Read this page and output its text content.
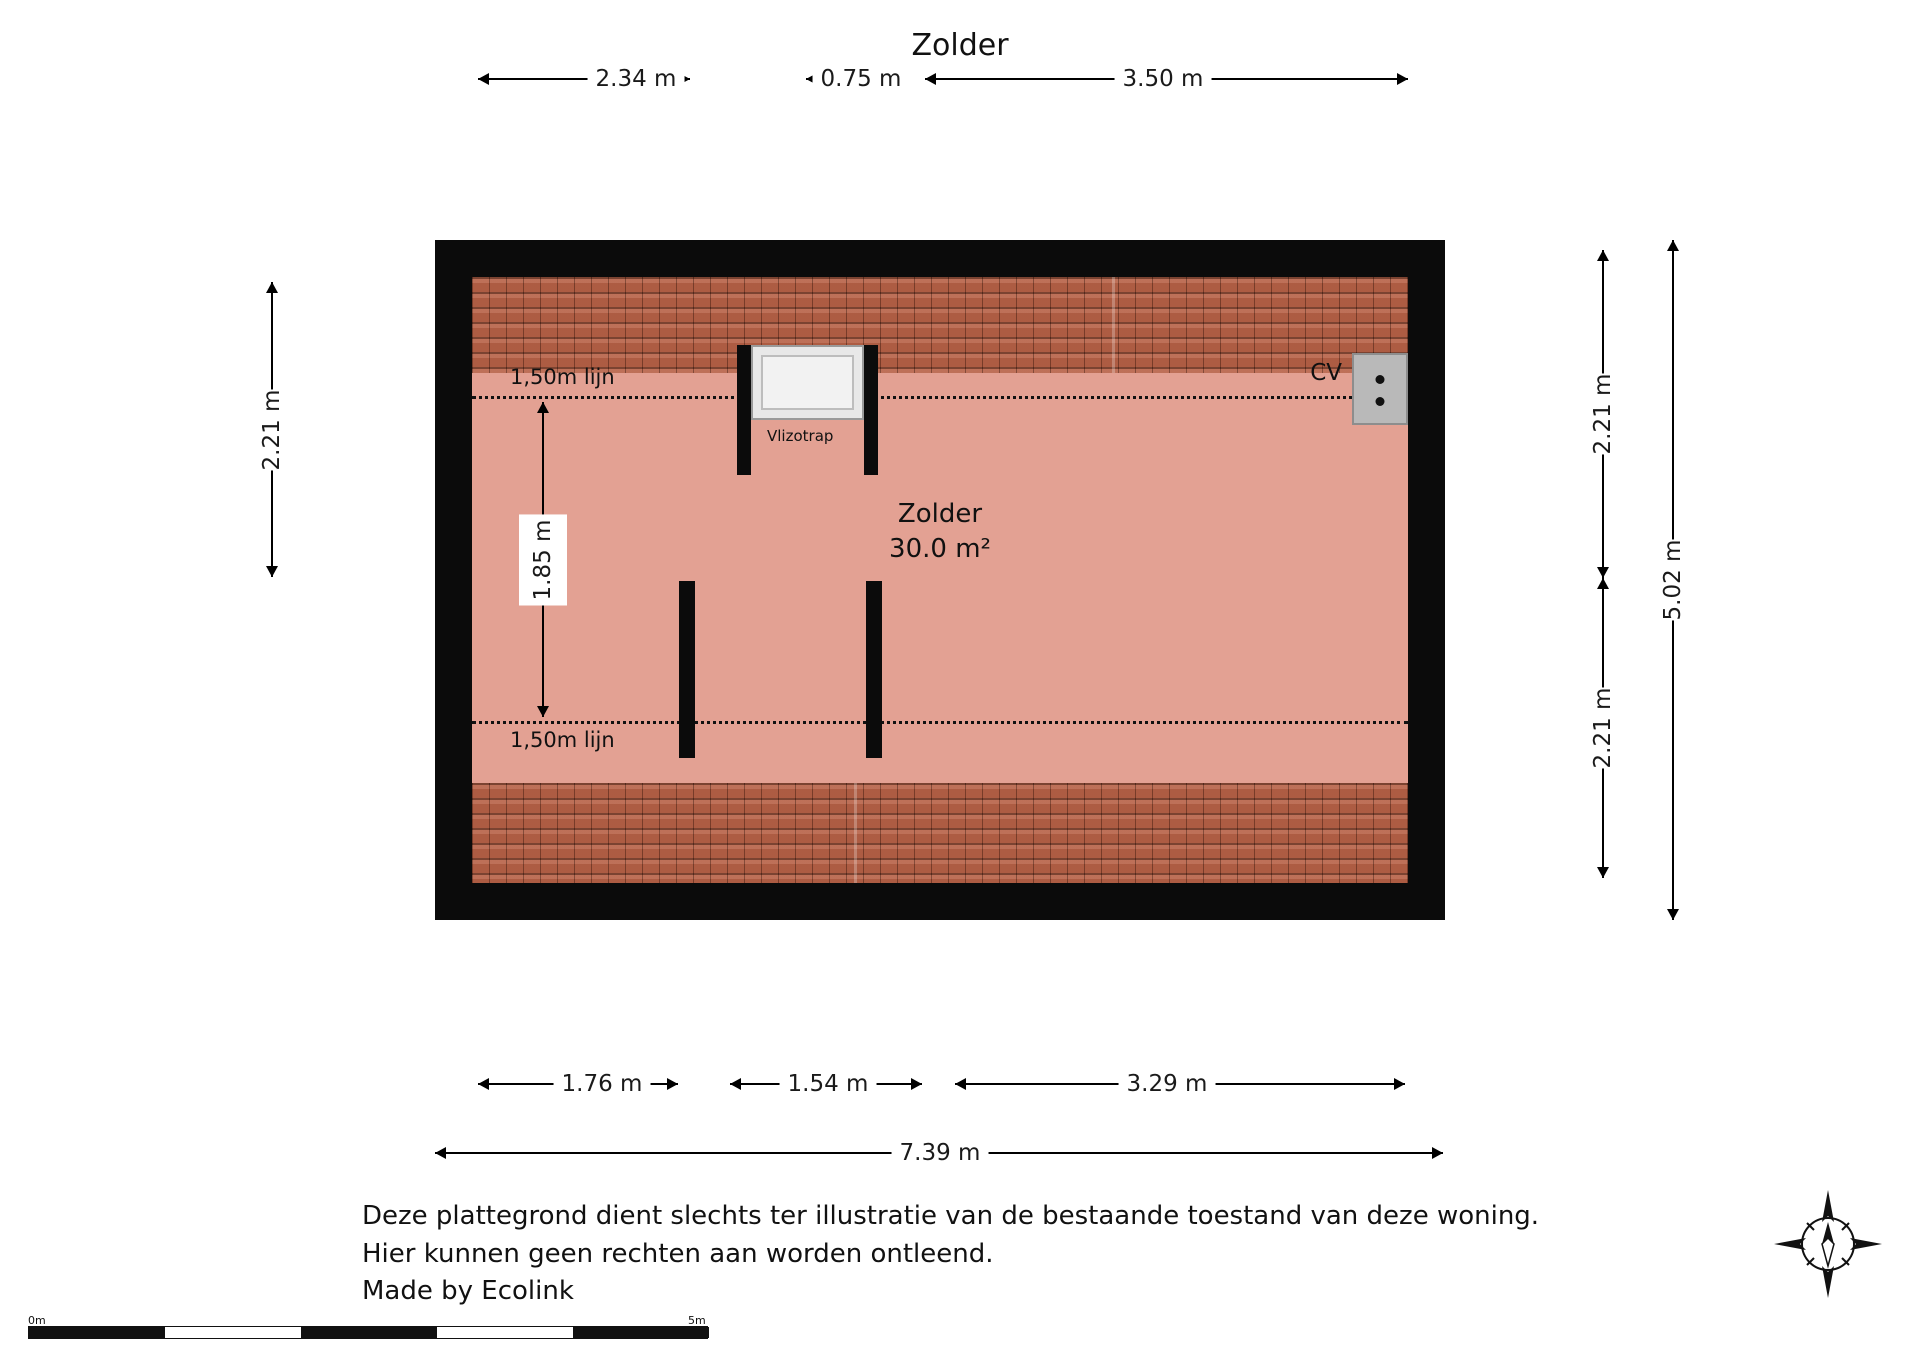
Zolder
2.34 m	0.75 m	3.50 m
2.21 m	2.21 m
2.21 m
5.02 m
1,50m lijn
1,50m lijn
Vlizotrap
CV
Zolder
30.0 m²
1.85 m
1.76 m	1.54 m	3.29 m
7.39 m
Deze plattegrond dient slechts ter illustratie van de bestaande toestand van deze woning.
Hier kunnen geen rechten aan worden ontleend.
Made by Ecolink
0m	5m
